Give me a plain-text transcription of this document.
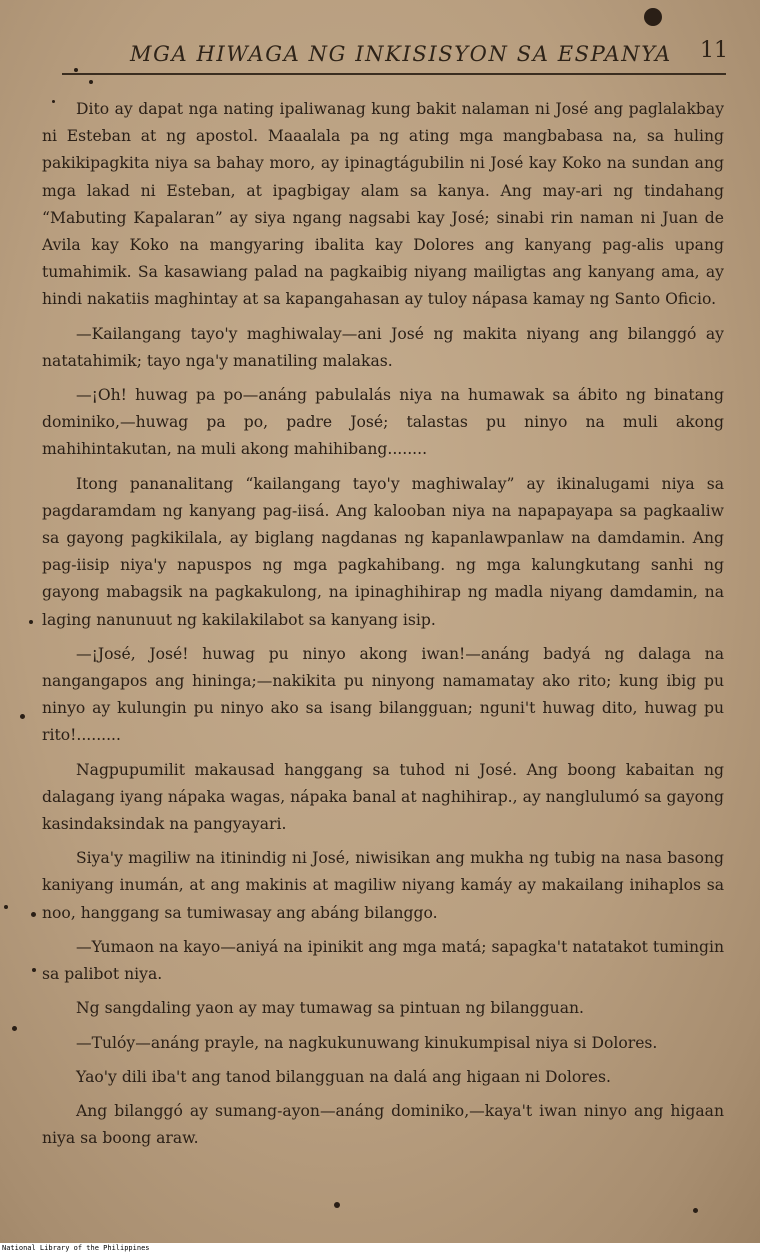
MGA HIWAGA NG INKISISYON SA ESPANYA 11

Dito ay dapat nga nating ipaliwanag kung bakit nalaman ni José ang paglalakbay ni Esteban at ng apostol. Maaalala pa ng ating mga mangbabasa na, sa huling pakikipagkita niya sa bahay moro, ay ipinagtágubilin ni José kay Koko na sundan ang mga lakad ni Esteban, at ipagbigay alam sa kanya. Ang may-ari ng tindahang “Mabuting Kapalaran” ay siya ngang nagsabi kay José; sinabi rin naman ni Juan de Avila kay Koko na mangyaring ibalita kay Dolores ang kanyang pag-alis upang tumahimik. Sa kasawiang palad na pagkaibig niyang mailigtas ang kanyang ama, ay hindi nakatiis maghintay at sa kapangahasan ay tuloy nápasa kamay ng Santo Oficio.

—Kailangang tayo'y maghiwalay—ani José ng makita niyang ang bilanggó ay natatahimik; tayo nga'y manatiling malakas.

—¡Oh! huwag pa po—anáng pabulalás niya na humawak sa ábito ng binatang dominiko,—huwag pa po, padre José; talastas pu ninyo na muli akong mahihintakutan, na muli akong mahihibang........

Itong pananalitang “kailangang tayo'y maghiwalay” ay ikinalugami niya sa pagdaramdam ng kanyang pag-iisá. Ang kalooban niya na napapayapa sa pagkaaliw sa gayong pagkikilala, ay biglang nagdanas ng kapanlawpanlaw na damdamin. Ang pag-iisip niya'y napuspos ng mga pagkahibang. ng mga kalungkutang sanhi ng gayong mabagsik na pagkakulong, na ipinaghihirap ng madla niyang damdamin, na laging nanunuut ng kakilakilabot sa kanyang isip.

—¡José, José! huwag pu ninyo akong iwan!—anáng badyá ng dalaga na nangangapos ang hininga;—nakikita pu ninyong namamatay ako rito; kung ibig pu ninyo ay kulungin pu ninyo ako sa isang bilangguan; nguni't huwag dito, huwag pu rito!.........

Nagpupumilit makausad hanggang sa tuhod ni José. Ang boong kabaitan ng dalagang iyang nápaka wagas, nápaka banal at naghihirap., ay nanglulumó sa gayong kasindaksindak na pangyayari.

Siya'y magiliw na itinindig ni José, niwisikan ang mukha ng tubig na nasa basong kaniyang inumán, at ang makinis at magiliw niyang kamáy ay makailang inihaplos sa noo, hanggang sa tumiwasay ang abáng bilanggo.

—Yumaon na kayo—aniyá na ipinikit ang mga matá; sapagka't natatakot tumingin sa palibot niya.

Ng sangdaling yaon ay may tumawag sa pintuan ng bilangguan.

—Tulóy—anáng prayle, na nagkukunuwang kinukumpisal niya si Dolores.

Yao'y dili iba't ang tanod bilangguan na dalá ang higaan ni Dolores.

Ang bilanggó ay sumang-ayon—anáng dominiko,—kaya't iwan ninyo ang higaan niya sa boong araw.

National Library of the Philippines
